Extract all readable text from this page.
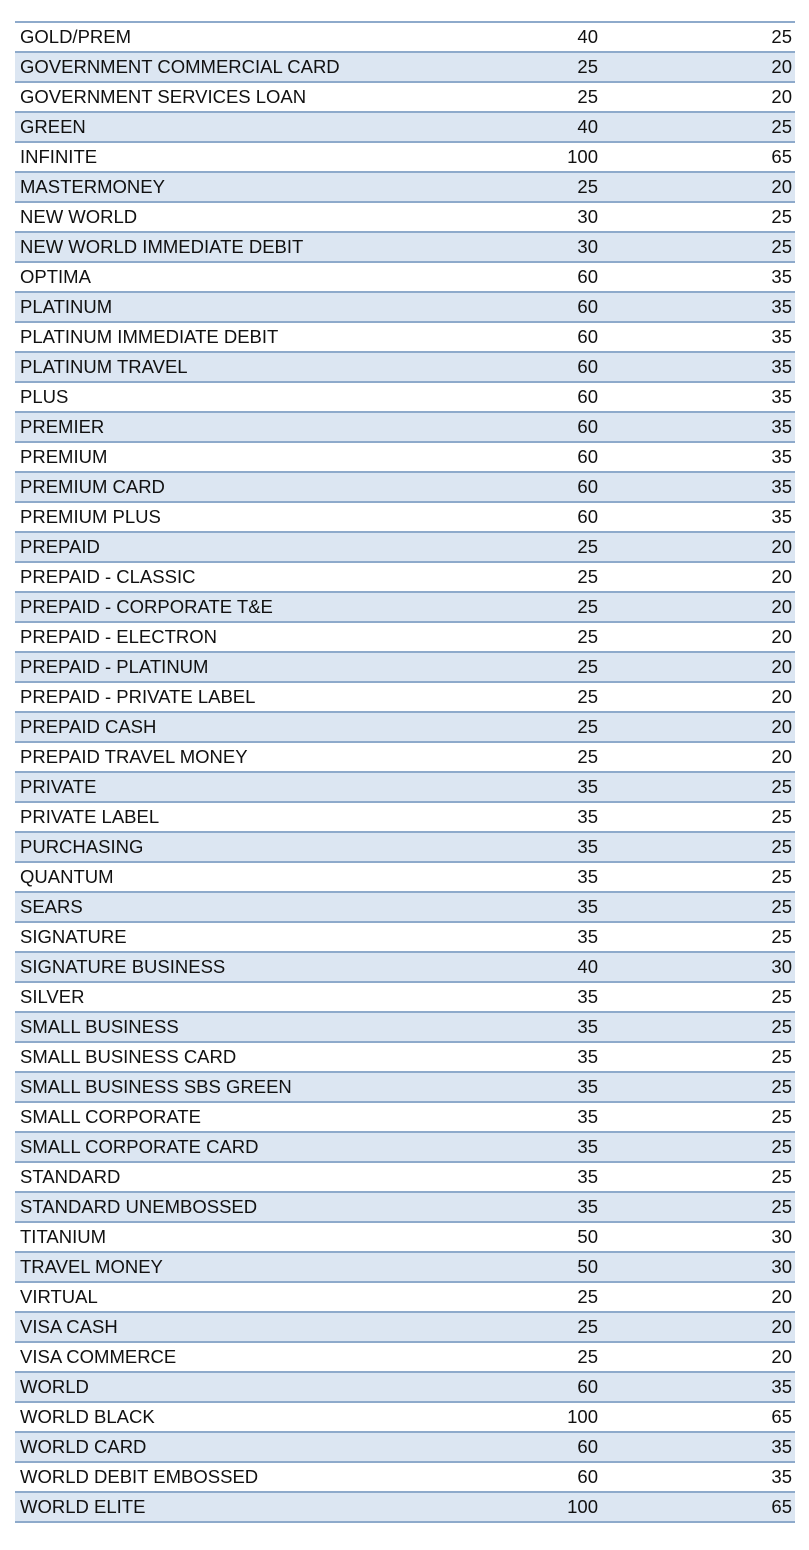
GOLD/PREM	40	25
GOVERNMENT COMMERCIAL CARD	25	20
GOVERNMENT SERVICES LOAN	25	20
GREEN	40	25
INFINITE	100	65
MASTERMONEY	25	20
NEW WORLD	30	25
NEW WORLD IMMEDIATE DEBIT	30	25
OPTIMA	60	35
PLATINUM	60	35
PLATINUM IMMEDIATE DEBIT	60	35
PLATINUM TRAVEL	60	35
PLUS	60	35
PREMIER	60	35
PREMIUM	60	35
PREMIUM CARD	60	35
PREMIUM PLUS	60	35
PREPAID	25	20
PREPAID - CLASSIC	25	20
PREPAID - CORPORATE T&E	25	20
PREPAID - ELECTRON	25	20
PREPAID - PLATINUM	25	20
PREPAID - PRIVATE LABEL	25	20
PREPAID CASH	25	20
PREPAID TRAVEL MONEY	25	20
PRIVATE	35	25
PRIVATE LABEL	35	25
PURCHASING	35	25
QUANTUM	35	25
SEARS	35	25
SIGNATURE	35	25
SIGNATURE BUSINESS	40	30
SILVER	35	25
SMALL BUSINESS	35	25
SMALL BUSINESS CARD	35	25
SMALL BUSINESS SBS GREEN	35	25
SMALL CORPORATE	35	25
SMALL CORPORATE CARD	35	25
STANDARD	35	25
STANDARD UNEMBOSSED	35	25
TITANIUM	50	30
TRAVEL MONEY	50	30
VIRTUAL	25	20
VISA CASH	25	20
VISA COMMERCE	25	20
WORLD	60	35
WORLD BLACK	100	65
WORLD CARD	60	35
WORLD DEBIT EMBOSSED	60	35
WORLD ELITE	100	65
